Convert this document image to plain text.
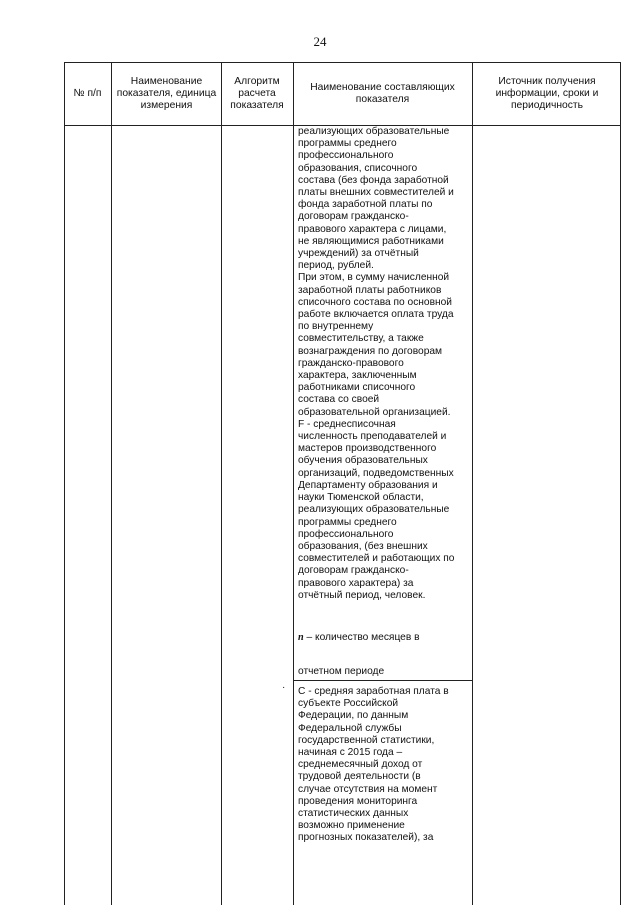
24
№ п/п
Наименование показателя, единица измерения
Алгоритм расчета показателя
Наименование составляющих показателя
Источник получения информации, сроки и периодичность
реализующих образовательные
программы среднего
профессионального
образования, списочного
состава (без фонда заработной
платы внешних совместителей и
фонда заработной платы по
договорам гражданско-
правового характера с лицами,
не являющимися работниками
учреждений) за отчётный
период, рублей.
При этом, в сумму начисленной
заработной платы работников
списочного состава по основной
работе включается оплата труда
по внутреннему
совместительству, а также
вознаграждения по договорам
гражданско-правового
характера, заключенным
работниками списочного
состава со своей
образовательной организацией.
F - среднесписочная
численность преподавателей и
мастеров производственного
обучения образовательных
организаций, подведомственных
Департаменту образования и
науки Тюменской области,
реализующих образовательные
программы среднего
профессионального
образования, (без внешних
совместителей и работающих по
договорам гражданско-
правового характера) за
отчётный период, человек.
n – количество месяцев в
отчетном периоде
· С - средняя заработная плата в
субъекте Российской
Федерации, по данным
Федеральной службы
государственной статистики,
начиная с 2015 года –
среднемесячный доход от
трудовой деятельности (в
случае отсутствия на момент
проведения мониторинга
статистических данных
возможно применение
прогнозных показателей), за
